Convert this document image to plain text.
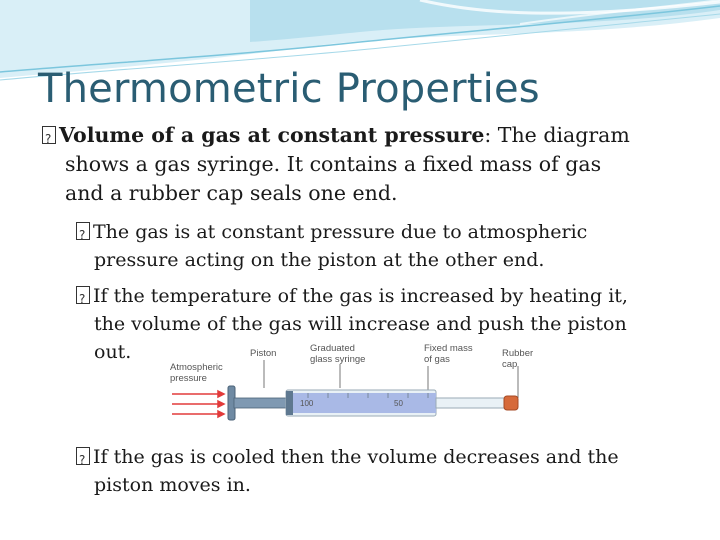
Thermometric Properties
?Volume of a gas at constant pressure: The diagram
shows a gas syringe. It contains a fixed mass of gas
and a rubber cap seals one end.
?The gas is at constant pressure due to atmospheric
pressure acting on the piston at the other end.
?If the temperature of the gas is increased by heating it,
the volume of the gas will increase and push the piston
out.
Atmospheric
pressure
Piston	Graduated
glass syringe
Fixed mass
of gas
Rubber
cap
100	50
?If the gas is cooled then the volume decreases and the
piston moves in.
